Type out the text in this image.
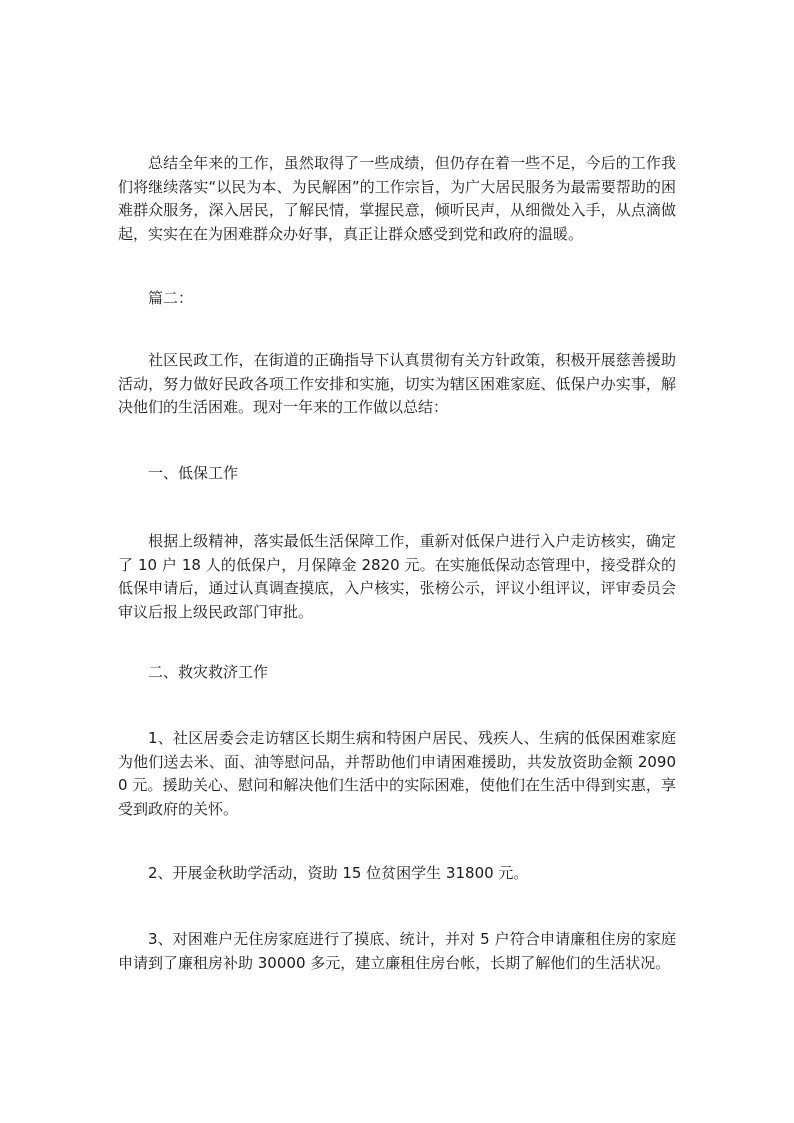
总结全年来的工作，虽然取得了一些成绩，但仍存在着一些不足，今后的工作我们将继续落实“以民为本、为民解困”的工作宗旨，为广大居民服务为最需要帮助的困难群众服务，深入居民，了解民情，掌握民意，倾听民声，从细微处入手，从点滴做起，实实在在为困难群众办好事，真正让群众感受到党和政府的温暖。

篇二：

社区民政工作，在街道的正确指导下认真贯彻有关方针政策，积极开展慈善援助活动，努力做好民政各项工作安排和实施，切实为辖区困难家庭、低保户办实事，解决他们的生活困难。现对一年来的工作做以总结：

一、低保工作

根据上级精神，落实最低生活保障工作，重新对低保户进行入户走访核实，确定了 10 户 18 人的低保户，月保障金 2820 元。在实施低保动态管理中，接受群众的低保申请后，通过认真调查摸底，入户核实，张榜公示，评议小组评议，评审委员会审议后报上级民政部门审批。

二、救灾救济工作

1、社区居委会走访辖区长期生病和特困户居民、残疾人、生病的低保困难家庭为他们送去米、面、油等慰问品，并帮助他们申请困难援助，共发放资助金额 20900 元。援助关心、慰问和解决他们生活中的实际困难，使他们在生活中得到实惠，享受到政府的关怀。

2、开展金秋助学活动，资助 15 位贫困学生 31800 元。

3、对困难户无住房家庭进行了摸底、统计，并对 5 户符合申请廉租住房的家庭申请到了廉租房补助 30000 多元，建立廉租住房台帐，长期了解他们的生活状况。
